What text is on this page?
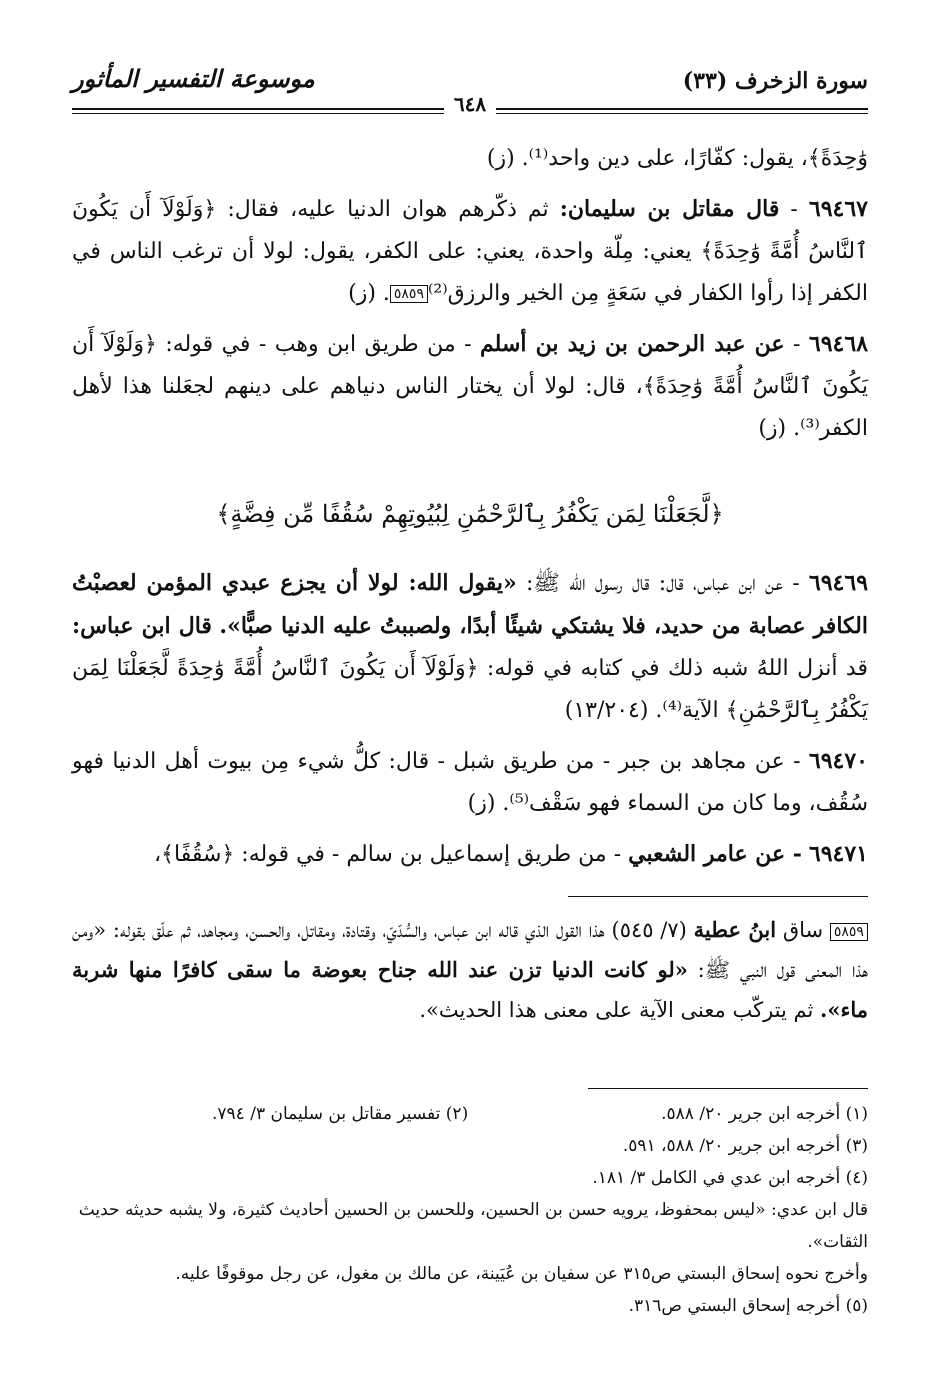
سورة الزخرف (٣٣)
موسوعة التفسير المأثور
٦٤٨

وَٰحِدَةً﴾، يقول: كفّارًا، على دين واحد⁽¹⁾. (ز)

٦٩٤٦٧ - قال مقاتل بن سليمان: ثم ذكّرهم هوان الدنيا عليه، فقال: ﴿وَلَوْلَآ أَن يَكُونَ ٱلنَّاسُ أُمَّةً وَٰحِدَةً﴾ يعني: مِلّة واحدة، يعني: على الكفر، يقول: لولا أن ترغب الناس في الكفر إذا رأوا الكفار في سَعَةٍ مِن الخير والرزق⁽²⁾٥٨٥٩. (ز)

٦٩٤٦٨ - عن عبد الرحمن بن زيد بن أسلم - من طريق ابن وهب - في قوله: ﴿وَلَوْلَآ أَن يَكُونَ ٱلنَّاسُ أُمَّةً وَٰحِدَةً﴾، قال: لولا أن يختار الناس دنياهم على دينهم لجعَلنا هذا لأهل الكفر⁽³⁾. (ز)

﴿لَّجَعَلْنَا لِمَن يَكْفُرُ بِٱلرَّحْمَٰنِ لِبُيُوتِهِمْ سُقُفًا مِّن فِضَّةٍ﴾

٦٩٤٦٩ - عن ابن عباس، قال: قال رسول الله ﷺ: «يقول الله: لولا أن يجزع عبدي المؤمن لعصبْتُ الكافر عصابة من حديد، فلا يشتكي شيئًا أبدًا، ولصببتُ عليه الدنيا صبًّا». قال ابن عباس: قد أنزل اللهُ شبه ذلك في كتابه في قوله: ﴿وَلَوْلَآ أَن يَكُونَ ٱلنَّاسُ أُمَّةً وَٰحِدَةً لَّجَعَلْنَا لِمَن يَكْفُرُ بِٱلرَّحْمَٰنِ﴾ الآية⁽⁴⁾. (١٣/٢٠٤)

٦٩٤٧٠ - عن مجاهد بن جبر - من طريق شبل - قال: كلُّ شيء مِن بيوت أهل الدنيا فهو سُقُف، وما كان من السماء فهو سَقْف⁽⁵⁾. (ز)

٦٩٤٧١ - عن عامر الشعبي - من طريق إسماعيل بن سالم - في قوله: ﴿سُقُفًا﴾،

٥٨٥٩ ساق ابنُ عطية (٧/ ٥٤٥) هذا القول الذي قاله ابن عباس، والسُّدّيّ، وقتادة، ومقاتل، والحسن، ومجاهد، ثم علّق بقوله: «ومن هذا المعنى قول النبي ﷺ: «لو كانت الدنيا تزن عند الله جناح بعوضة ما سقى كافرًا منها شربة ماء». ثم يتركّب معنى الآية على معنى هذا الحديث».
(١) أخرجه ابن جرير ٢٠/ ٥٨٨.
(٢) تفسير مقاتل بن سليمان ٣/ ٧٩٤.
(٣) أخرجه ابن جرير ٢٠/ ٥٨٨، ٥٩١.
(٤) أخرجه ابن عدي في الكامل ٣/ ١٨١.
قال ابن عدي: «ليس بمحفوظ، يرويه حسن بن الحسين، وللحسن بن الحسين أحاديث كثيرة، ولا يشبه حديثه حديث الثقات».
وأخرج نحوه إسحاق البستي ص٣١٥ عن سفيان بن عُيَينة، عن مالك بن مغول، عن رجل موقوفًا عليه.
(٥) أخرجه إسحاق البستي ص٣١٦.
